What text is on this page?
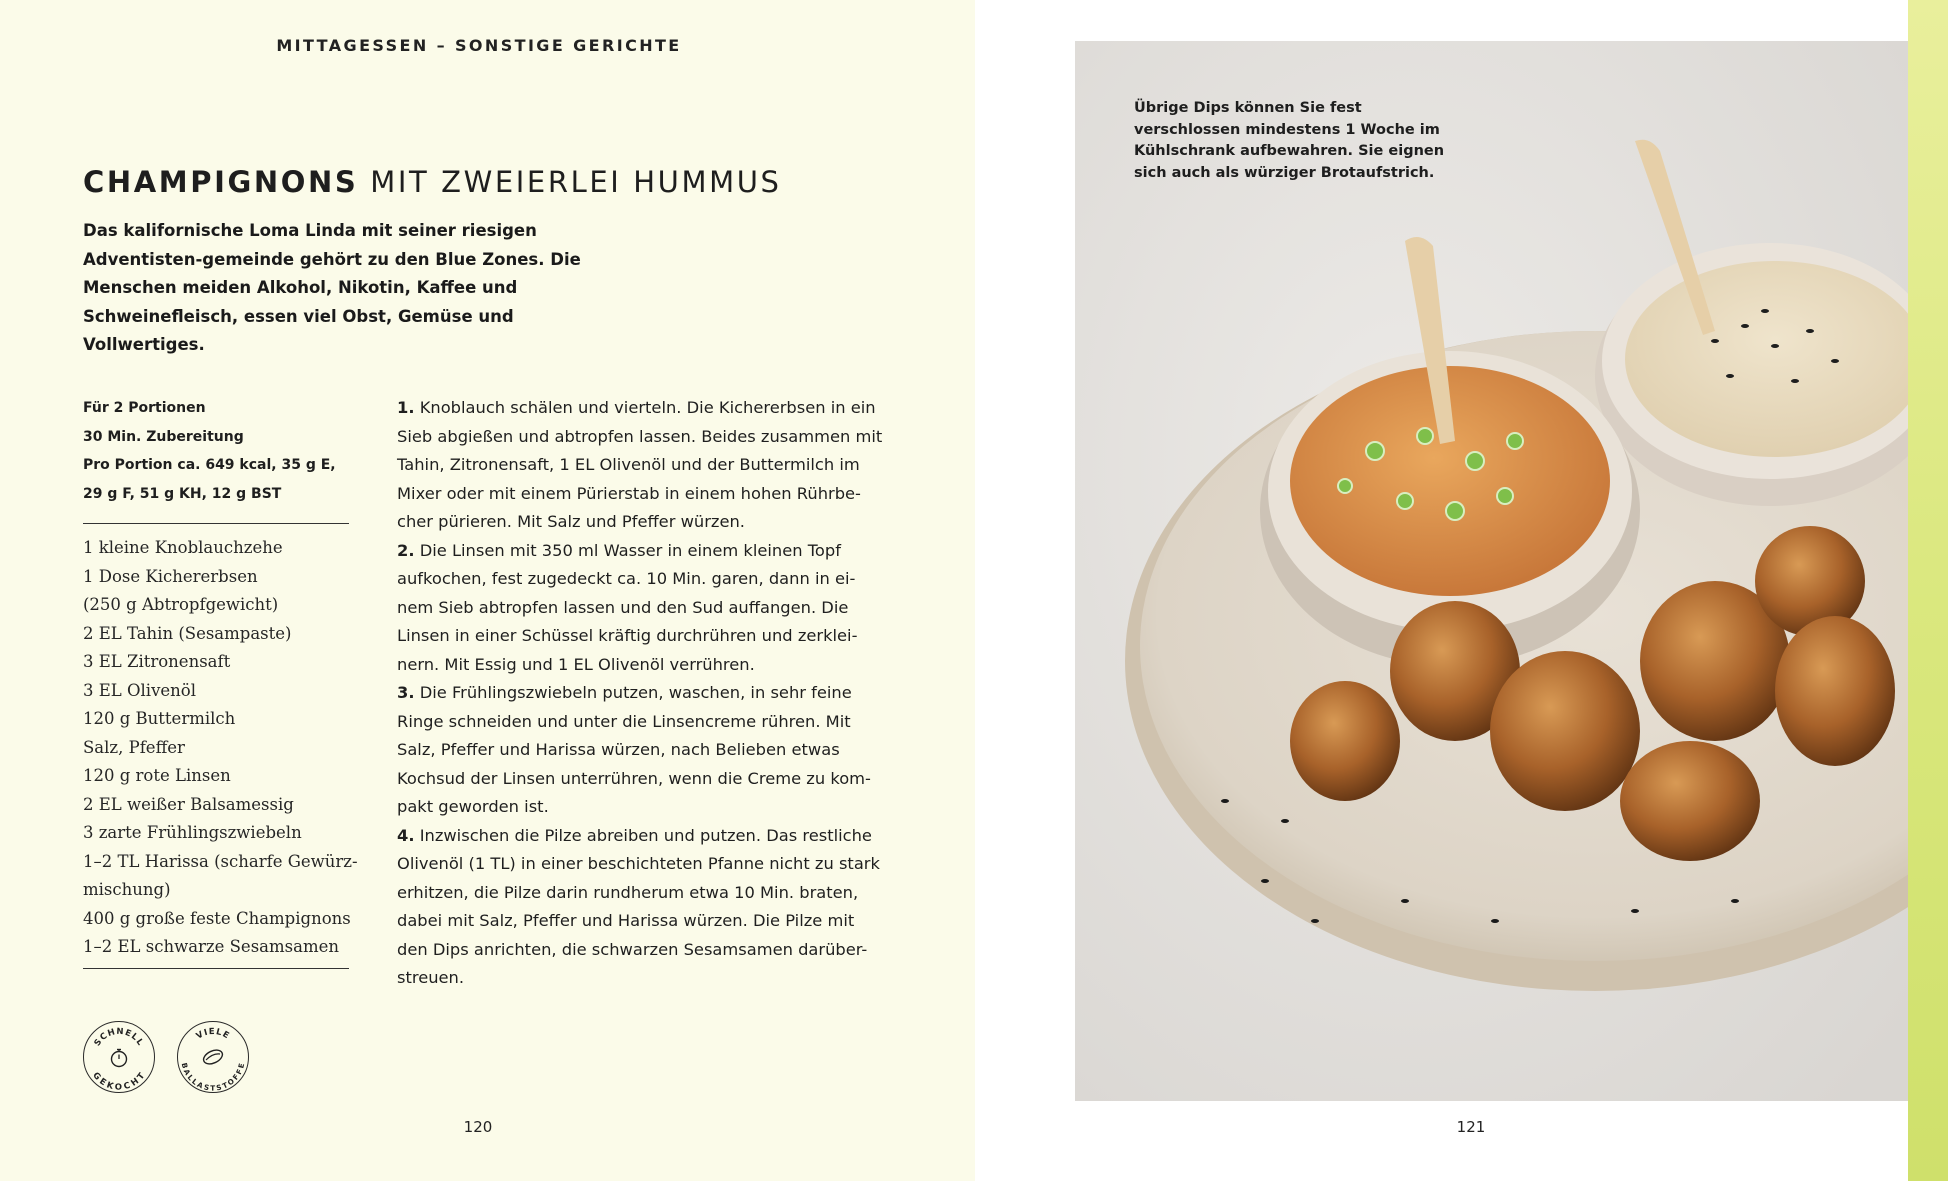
MITTAGESSEN – SONSTIGE GERICHTE
CHAMPIGNONS MIT ZWEIERLEI HUMMUS

Das kalifornische Loma Linda mit seiner riesigen Adventisten-gemeinde gehört zu den Blue Zones. Die Menschen meiden Alkohol, Nikotin, Kaffee und Schweinefleisch, essen viel Obst, Gemüse und Vollwertiges.

Für 2 Portionen
30 Min. Zubereitung
Pro Portion ca. 649 kcal, 35 g E,
29 g F, 51 g KH, 12 g BST
1 kleine Knoblauchzehe
1 Dose Kichererbsen
(250 g Abtropfgewicht)
2 EL Tahin (Sesampaste)
3 EL Zitronensaft
3 EL Olivenöl
120 g Buttermilch
Salz, Pfeffer
120 g rote Linsen
2 EL weißer Balsamessig
3 zarte Frühlingszwiebeln
1–2 TL Harissa (scharfe Gewürz-mischung)
400 g große feste Champignons
1–2 EL schwarze Sesamsamen

1. Knoblauch schälen und vierteln. Die Kichererbsen in ein Sieb abgießen und abtropfen lassen. Beides zusammen mit Tahin, Zitronensaft, 1 EL Olivenöl und der Buttermilch im Mixer oder mit einem Pürierstab in einem hohen Rührbe-cher pürieren. Mit Salz und Pfeffer würzen.

2. Die Linsen mit 350 ml Wasser in einem kleinen Topf aufkochen, fest zugedeckt ca. 10 Min. garen, dann in ei-nem Sieb abtropfen lassen und den Sud auffangen. Die Linsen in einer Schüssel kräftig durchrühren und zerklei-nern. Mit Essig und 1 EL Olivenöl verrühren.

3. Die Frühlingszwiebeln putzen, waschen, in sehr feine Ringe schneiden und unter die Linsencreme rühren. Mit Salz, Pfeffer und Harissa würzen, nach Belieben etwas Kochsud der Linsen unterrühren, wenn die Creme zu kom-pakt geworden ist.

4. Inzwischen die Pilze abreiben und putzen. Das restliche Olivenöl (1 TL) in einer beschichteten Pfanne nicht zu stark erhitzen, die Pilze darin rundherum etwa 10 Min. braten, dabei mit Salz, Pfeffer und Harissa würzen. Die Pilze mit den Dips anrichten, die schwarzen Sesamsamen darüber-streuen.

SCHNELL
GEKOCHT
VIELE
BALLASTSTOFFE
120

Übrige Dips können Sie fest verschlossen mindestens 1 Woche im Kühlschrank aufbewahren. Sie eignen sich auch als würziger Brotaufstrich.

121
